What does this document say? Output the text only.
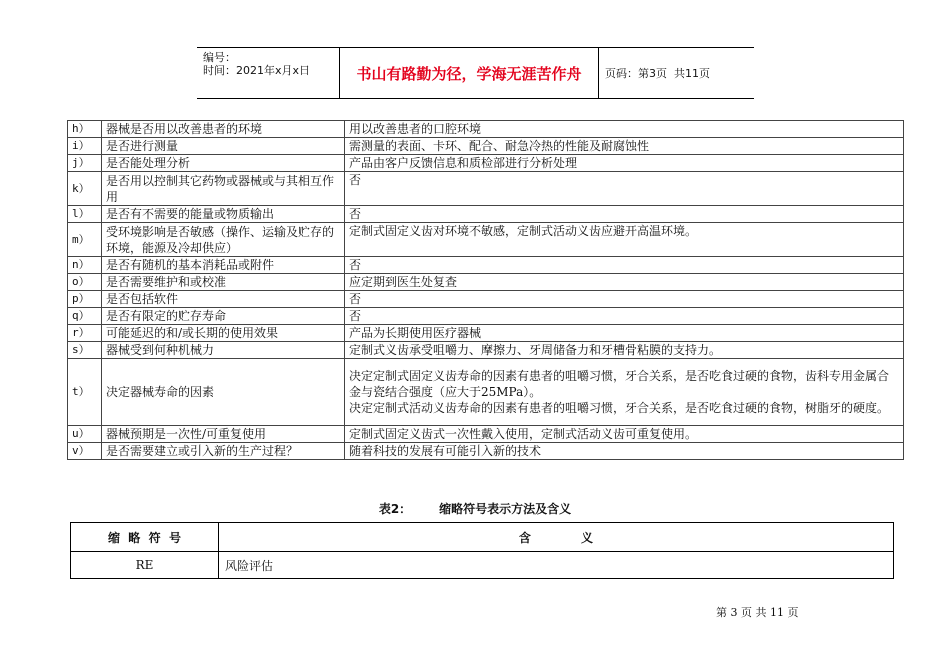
编号：
时间：2021年x月x日	书山有路勤为径，学海无涯苦作舟	页码：第3页  共11页
h）	器械是否用以改善患者的环境	用以改善患者的口腔环境
i）	是否进行测量	需测量的表面、卡环、配合、耐急冷热的性能及耐腐蚀性
j）	是否能处理分析	产品由客户反馈信息和质检部进行分析处理
k）	是否用以控制其它药物或器械或与其相互作用	否
l）	是否有不需要的能量或物质输出	否
m）	受环境影响是否敏感（操作、运输及贮存的环境，能源及冷却供应）	定制式固定义齿对环境不敏感，定制式活动义齿应避开高温环境。
n）	是否有随机的基本消耗品或附件	否
o）	是否需要维护和或校准	应定期到医生处复查
p）	是否包括软件	否
q）	是否有限定的贮存寿命	否
r）	可能延迟的和/或长期的使用效果	产品为长期使用医疗器械
s）	器械受到何种机械力	定制式义齿承受咀嚼力、摩擦力、牙周储备力和牙槽骨粘膜的支持力。
t）	决定器械寿命的因素	决定定制式固定义齿寿命的因素有患者的咀嚼习惯，牙合关系，是否吃食过硬的食物，齿科专用金属合金与瓷结合强度（应大于25MPa）。
决定定制式活动义齿寿命的因素有患者的咀嚼习惯，牙合关系，是否吃食过硬的食物，树脂牙的硬度。

u）	器械预期是一次性/可重复使用	定制式固定义齿式一次性戴入使用，定制式活动义齿可重复使用。
v）	是否需要建立或引入新的生产过程？	随着科技的发展有可能引入新的技术
表2： 缩略符号表示方法及含义
缩  略  符  号	含            义
RE	风险评估
第 3 页 共 11 页
